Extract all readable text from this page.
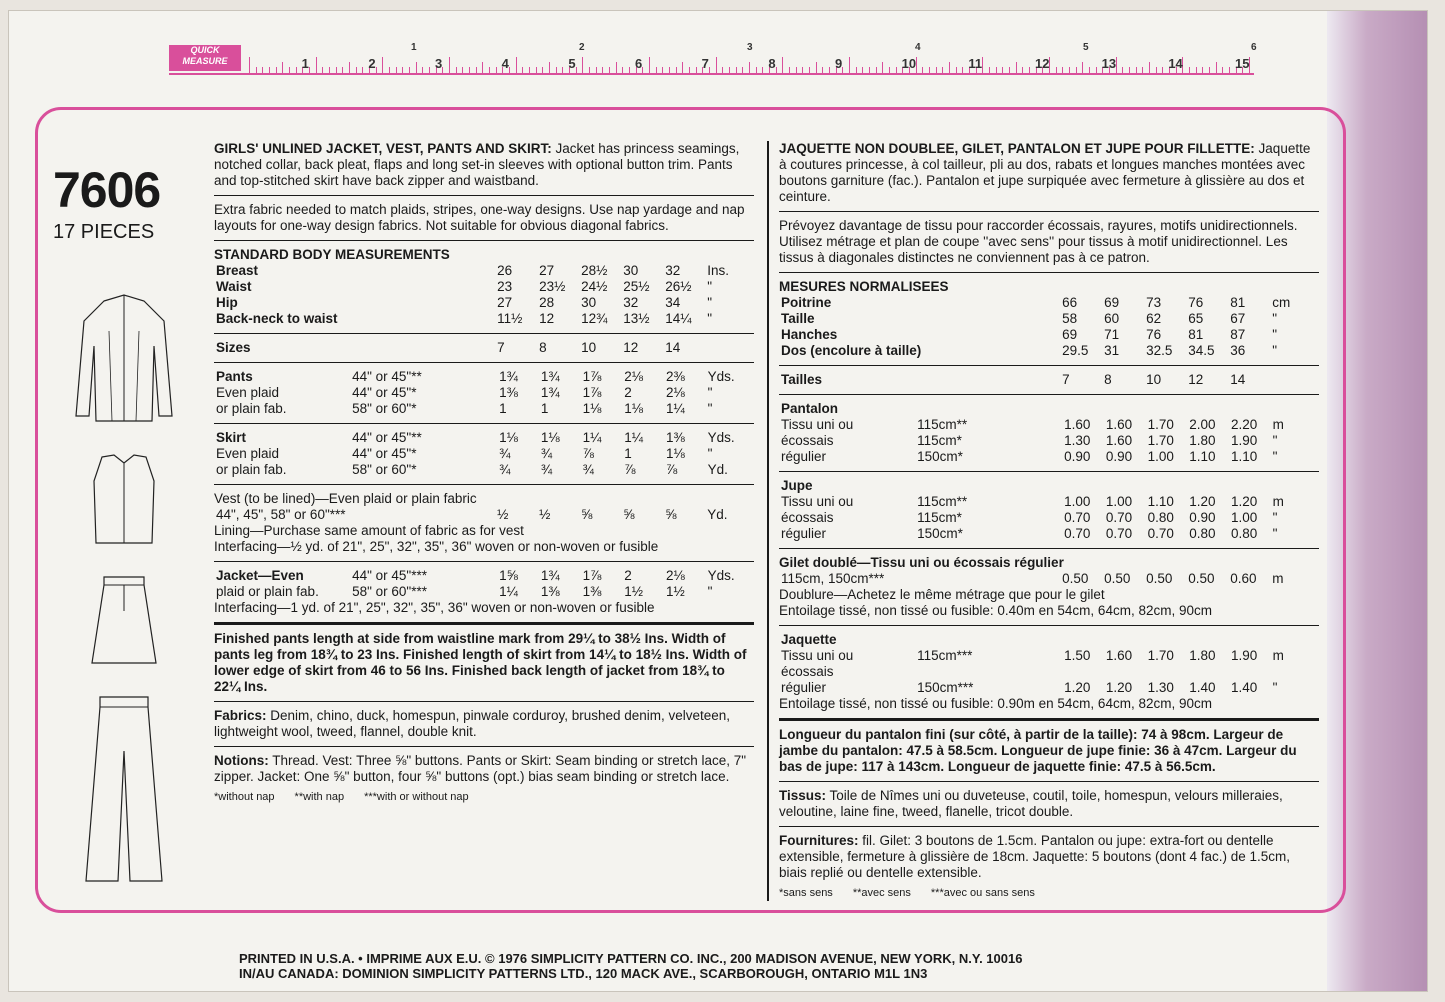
QUICK MEASURE	1	2	3	4	5	6	7	8	9	10	11	12	13	14	15
1	2	3	4	5	6
7606
17 PIECES
GIRLS' UNLINED JACKET, VEST, PANTS AND SKIRT: Jacket has princess seamings, notched collar, back pleat, flaps and long set-in sleeves with optional button trim. Pants and top-stitched skirt have back zipper and waistband.
Extra fabric needed to match plaids, stripes, one-way designs. Use nap yardage and nap layouts for one-way design fabrics. Not suitable for obvious diagonal fabrics.
STANDARD BODY MEASUREMENTS
Breast	26	27	28½	30	32	Ins.
Waist	23	23½	24½	25½	26½	"
Hip	27	28	30	32	34	"
Back-neck to waist	11½	12	12¾	13½	14¼	"
Sizes	7	8	10	12	14	
Pants	44" or 45"**	1¾	1¾	1⅞	2⅛	2⅜	Yds.
Even plaid	44" or 45"*	1⅜	1¾	1⅞	2	2⅛	"
or plain fab.	58" or 60"*	1	1	1⅛	1⅛	1¼	"
Skirt	44" or 45"**	1⅛	1⅛	1¼	1¼	1⅜	Yds.
Even plaid	44" or 45"*	¾	¾	⅞	1	1⅛	"
or plain fab.	58" or 60"*	¾	¾	¾	⅞	⅞	Yd.
Vest (to be lined)—Even plaid or plain fabric
44", 45", 58" or 60"***	½	½	⅝	⅝	⅝	Yd.
Lining—Purchase same amount of fabric as for vest
Interfacing—½ yd. of 21", 25", 32", 35", 36" woven or non-woven or fusible
Jacket—Even	44" or 45"***	1⅝	1¾	1⅞	2	2⅛	Yds.
plaid or plain fab.	58" or 60"***	1¼	1⅜	1⅜	1½	1½	"
Interfacing—1 yd. of 21", 25", 32", 35", 36" woven or non-woven or fusible
Finished pants length at side from waistline mark from 29¼ to 38½ Ins. Width of pants leg from 18¾ to 23 Ins. Finished length of skirt from 14¼ to 18½ Ins. Width of lower edge of skirt from 46 to 56 Ins. Finished back length of jacket from 18¾ to 22¼ Ins.
Fabrics: Denim, chino, duck, homespun, pinwale corduroy, brushed denim, velveteen, lightweight wool, tweed, flannel, double knit.
Notions: Thread. Vest: Three ⅝" buttons. Pants or Skirt: Seam binding or stretch lace, 7" zipper. Jacket: One ⅝" button, four ⅝" buttons (opt.) bias seam binding or stretch lace.
*without nap **with nap ***with or without nap
JAQUETTE NON DOUBLEE, GILET, PANTALON ET JUPE POUR FILLETTE: Jaquette à coutures princesse, à col tailleur, pli au dos, rabats et longues manches montées avec boutons garniture (fac.). Pantalon et jupe surpiquée avec fermeture à glissière au dos et ceinture.
Prévoyez davantage de tissu pour raccorder écossais, rayures, motifs unidirectionnels. Utilisez métrage et plan de coupe ''avec sens'' pour tissus à motif unidirectionnel. Les tissus à diagonales distinctes ne conviennent pas à ce patron.
MESURES NORMALISEES
Poitrine	66	69	73	76	81	cm
Taille	58	60	62	65	67	"
Hanches	69	71	76	81	87	"
Dos (encolure à taille)	29.5	31	32.5	34.5	36	"
Tailles	7	8	10	12	14	
Pantalon							
Tissu uni ou	115cm**	1.60	1.60	1.70	2.00	2.20	m
écossais	115cm*	1.30	1.60	1.70	1.80	1.90	"
régulier	150cm*	0.90	0.90	1.00	1.10	1.10	"
Jupe							
Tissu uni ou	115cm**	1.00	1.00	1.10	1.20	1.20	m
écossais	115cm*	0.70	0.70	0.80	0.90	1.00	"
régulier	150cm*	0.70	0.70	0.70	0.80	0.80	"
Gilet doublé—Tissu uni ou écossais régulier
115cm, 150cm***	0.50	0.50	0.50	0.50	0.60	m
Doublure—Achetez le même métrage que pour le gilet
Entoilage tissé, non tissé ou fusible: 0.40m en 54cm, 64cm, 82cm, 90cm
Jaquette							
Tissu uni ou	115cm***	1.50	1.60	1.70	1.80	1.90	m
écossais							
régulier	150cm***	1.20	1.20	1.30	1.40	1.40	"
Entoilage tissé, non tissé ou fusible: 0.90m en 54cm, 64cm, 82cm, 90cm
Longueur du pantalon fini (sur côté, à partir de la taille): 74 à 98cm. Largeur de jambe du pantalon: 47.5 à 58.5cm. Longueur de jupe finie: 36 à 47cm. Largeur du bas de jupe: 117 à 143cm. Longueur de jaquette finie: 47.5 à 56.5cm.
Tissus: Toile de Nîmes uni ou duveteuse, coutil, toile, homespun, velours milleraies, veloutine, laine fine, tweed, flanelle, tricot double.
Fournitures: fil. Gilet: 3 boutons de 1.5cm. Pantalon ou jupe: extra-fort ou dentelle extensible, fermeture à glissière de 18cm. Jaquette: 5 boutons (dont 4 fac.) de 1.5cm, biais replié ou dentelle extensible.
*sans sens **avec sens ***avec ou sans sens
PRINTED IN U.S.A. • IMPRIME AUX E.U. © 1976 SIMPLICITY PATTERN CO. INC., 200 MADISON AVENUE, NEW YORK, N.Y. 10016
IN/AU CANADA: DOMINION SIMPLICITY PATTERNS LTD., 120 MACK AVE., SCARBOROUGH, ONTARIO M1L 1N3
